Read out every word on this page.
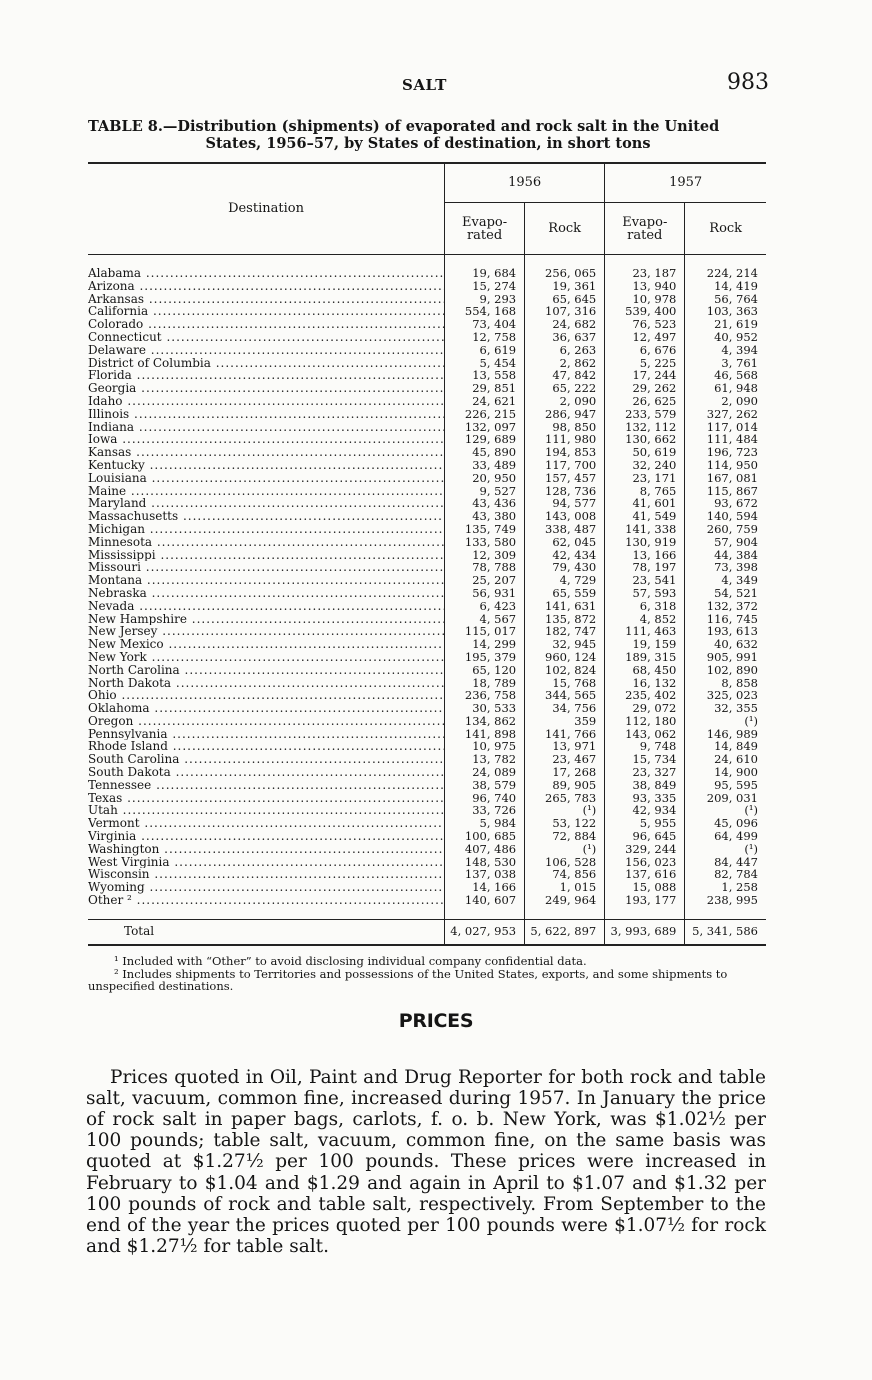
SALT	983
TABLE 8.—Distribution (shipments) of evaporated and rock salt in the United
States, 1956–57, by States of destination, in short tons
Destination	1956		1957	
	Evapo-
rated	Rock	Evapo-
rated	Rock

Alabama .....	19, 684	256, 065	23, 187	224, 214
Arizona .....	15, 274	19, 361	13, 940	14, 419
Arkansas .....	9, 293	65, 645	10, 978	56, 764
California .....	554, 168	107, 316	539, 400	103, 363
Colorado .....	73, 404	24, 682	76, 523	21, 619
Connecticut .....	12, 758	36, 637	12, 497	40, 952
Delaware .....	6, 619	6, 263	6, 676	4, 394
District of Columbia .....	5, 454	2, 862	5, 225	3, 761
Florida .....	13, 558	47, 842	17, 244	46, 568
Georgia .....	29, 851	65, 222	29, 262	61, 948
Idaho .....	24, 621	2, 090	26, 625	2, 090
Illinois .....	226, 215	286, 947	233, 579	327, 262
Indiana .....	132, 097	98, 850	132, 112	117, 014
Iowa .....	129, 689	111, 980	130, 662	111, 484
Kansas .....	45, 890	194, 853	50, 619	196, 723
Kentucky .....	33, 489	117, 700	32, 240	114, 950
Louisiana .....	20, 950	157, 457	23, 171	167, 081
Maine .....	9, 527	128, 736	8, 765	115, 867
Maryland .....	43, 436	94, 577	41, 601	93, 672
Massachusetts .....	43, 380	143, 008	41, 549	140, 594
Michigan .....	135, 749	338, 487	141, 338	260, 759
Minnesota .....	133, 580	62, 045	130, 919	57, 904
Mississippi .....	12, 309	42, 434	13, 166	44, 384
Missouri .....	78, 788	79, 430	78, 197	73, 398
Montana .....	25, 207	4, 729	23, 541	4, 349
Nebraska .....	56, 931	65, 559	57, 593	54, 521
Nevada .....	6, 423	141, 631	6, 318	132, 372
New Hampshire .....	4, 567	135, 872	4, 852	116, 745
New Jersey .....	115, 017	182, 747	111, 463	193, 613
New Mexico .....	14, 299	32, 945	19, 159	40, 632
New York .....	195, 379	960, 124	189, 315	905, 991
North Carolina .....	65, 120	102, 824	68, 450	102, 890
North Dakota .....	18, 789	15, 768	16, 132	8, 858
Ohio .....	236, 758	344, 565	235, 402	325, 023
Oklahoma .....	30, 533	34, 756	29, 072	32, 355
Oregon .....	134, 862	359	112, 180	(¹)
Pennsylvania .....	141, 898	141, 766	143, 062	146, 989
Rhode Island .....	10, 975	13, 971	9, 748	14, 849
South Carolina .....	13, 782	23, 467	15, 734	24, 610
South Dakota .....	24, 089	17, 268	23, 327	14, 900
Tennessee .....	38, 579	89, 905	38, 849	95, 595
Texas .....	96, 740	265, 783	93, 335	209, 031
Utah .....	33, 726	(¹)	42, 934	(¹)
Vermont .....	5, 984	53, 122	5, 955	45, 096
Virginia .....	100, 685	72, 884	96, 645	64, 499
Washington .....	407, 486	(¹)	329, 244	(¹)
West Virginia .....	148, 530	106, 528	156, 023	84, 447
Wisconsin .....	137, 038	74, 856	137, 616	82, 784
Wyoming .....	14, 166	1, 015	15, 088	1, 258
Other ² .....	140, 607	249, 964	193, 177	238, 995

Total	4, 027, 953	5, 622, 897	3, 993, 689	5, 341, 586
¹ Included with “Other” to avoid disclosing individual company confidential data.
² Includes shipments to Territories and possessions of the United States, exports, and some shipments to
unspecified destinations.
PRICES

Prices quoted in Oil, Paint and Drug Reporter for both rock and table salt, vacuum, common fine, increased during 1957. In January the price of rock salt in paper bags, carlots, f. o. b. New York, was $1.02½ per 100 pounds; table salt, vacuum, common fine, on the same basis was quoted at $1.27½ per 100 pounds. These prices were increased in February to $1.04 and $1.29 and again in April to $1.07 and $1.32 per 100 pounds of rock and table salt, respectively. From September to the end of the year the prices quoted per 100 pounds were $1.07½ for rock and $1.27½ for table salt.
